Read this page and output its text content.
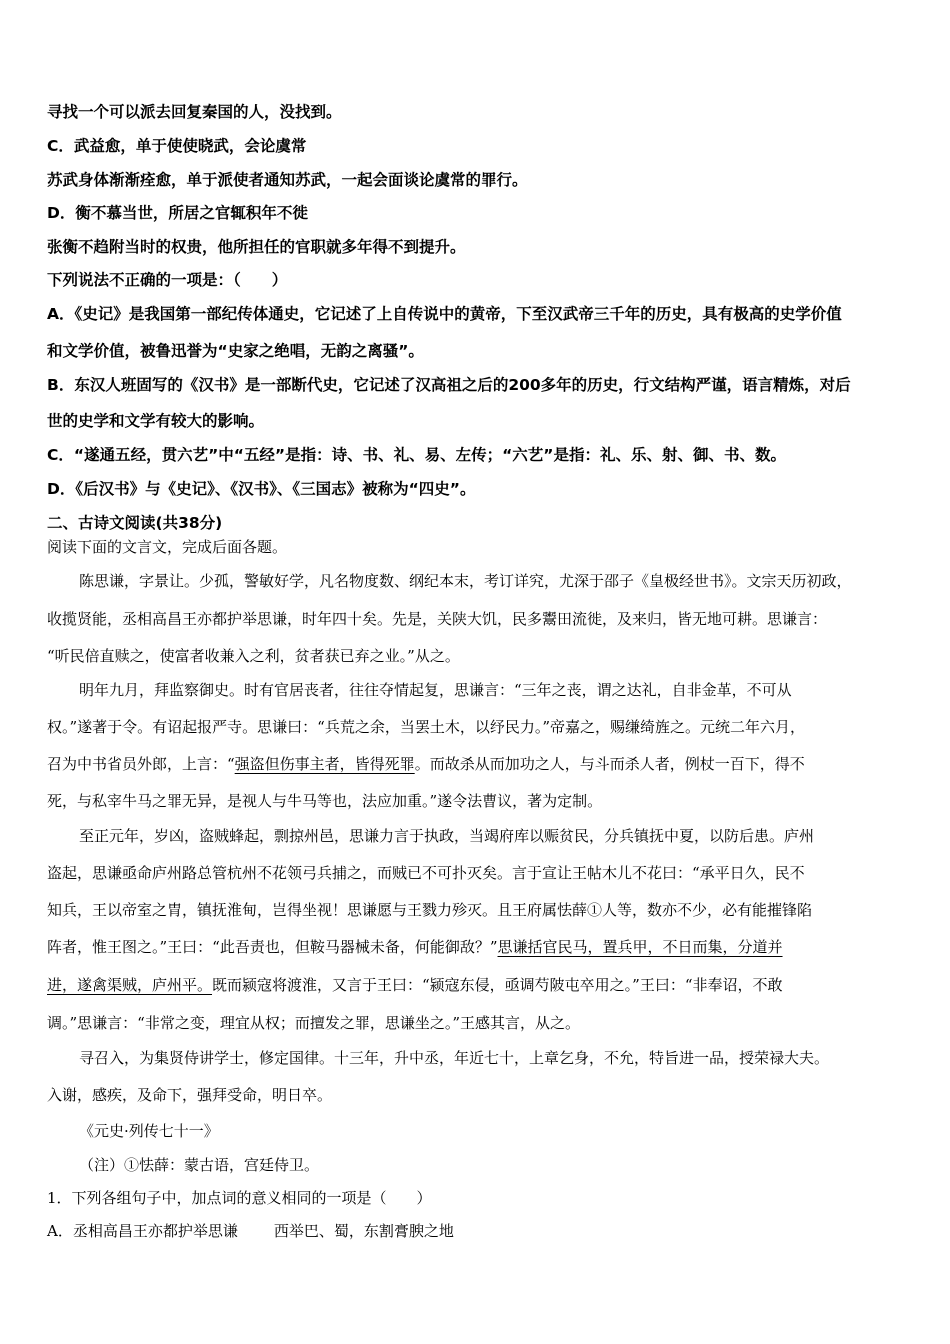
寻找一个可以派去回复秦国的人，没找到。
C．武益愈，单于使使晓武，会论虞常
苏武身体渐渐痊愈，单于派使者通知苏武，一起会面谈论虞常的罪行。
D．衡不慕当世，所居之官辄积年不徙
张衡不趋附当时的权贵，他所担任的官职就多年得不到提升。
下列说法不正确的一项是：（　　）
A．《史记》是我国第一部纪传体通史，它记述了上自传说中的黄帝，下至汉武帝三千年的历史，具有极高的史学价值
和文学价值，被鲁迅誉为“史家之绝唱，无韵之离骚”。
B．东汉人班固写的《汉书》是一部断代史，它记述了汉高祖之后的200多年的历史，行文结构严谨，语言精炼，对后
世的史学和文学有较大的影响。
C．“遂通五经，贯六艺”中“五经”是指：诗、书、礼、易、左传；“六艺”是指：礼、乐、射、御、书、数。
D．《后汉书》与《史记》、《汉书》、《三国志》被称为“四史”。
二、古诗文阅读(共38分)
阅读下面的文言文，完成后面各题。
陈思谦，字景让。少孤，警敏好学，凡名物度数、纲纪本末，考订详究，尤深于邵子《皇极经世书》。文宗天历初政，
收揽贤能，丞相高昌王亦都护举思谦，时年四十矣。先是，关陕大饥，民多鬻田流徙，及来归，皆无地可耕。思谦言：
“听民倍直赎之，使富者收兼入之利，贫者获已弃之业。”从之。
明年九月，拜监察御史。时有官居丧者，往往夺情起复，思谦言：“三年之丧，谓之达礼，自非金革，不可从
权。”遂著于令。有诏起报严寺。思谦曰：“兵荒之余，当罢土木，以纾民力。”帝嘉之，赐缣绮旌之。元统二年六月，
召为中书省员外郎，上言：“强盗但伤事主者，皆得死罪。而故杀从而加功之人，与斗而杀人者，例杖一百下，得不
死，与私宰牛马之罪无异，是视人与牛马等也，法应加重。”遂令法曹议，著为定制。
至正元年，岁凶，盗贼蜂起，剽掠州邑，思谦力言于执政，当竭府库以赈贫民，分兵镇抚中夏，以防后患。庐州
盗起，思谦亟命庐州路总管杭州不花领弓兵捕之，而贼已不可扑灭矣。言于宣让王帖木儿不花曰：“承平日久，民不
知兵，王以帝室之胄，镇抚淮甸，岂得坐视！思谦愿与王戮力殄灭。且王府属怯薛①人等，数亦不少，必有能摧锋陷
阵者，惟王图之。”王曰：“此吾责也，但鞍马器械未备，何能御敌？”思谦括官民马，置兵甲，不日而集，分道并
进，遂禽渠贼，庐州平。既而颍寇将渡淮，又言于王曰：“颍寇东侵，亟调芍陂屯卒用之。”王曰：“非奉诏，不敢
调。”思谦言：“非常之变，理宜从权；而擅发之罪，思谦坐之。”王感其言，从之。
寻召入，为集贤侍讲学士，修定国律。十三年，升中丞，年近七十，上章乞身，不允，特旨进一品，授荣禄大夫。
入谢，感疾，及命下，强拜受命，明日卒。
《元史·列传七十一》
（注）①怯薛：蒙古语，宫廷侍卫。
1．下列各组句子中，加点词的意义相同的一项是（　　）
A．丞相高昌王亦都护举思谦 西举巴、蜀，东割膏腴之地
